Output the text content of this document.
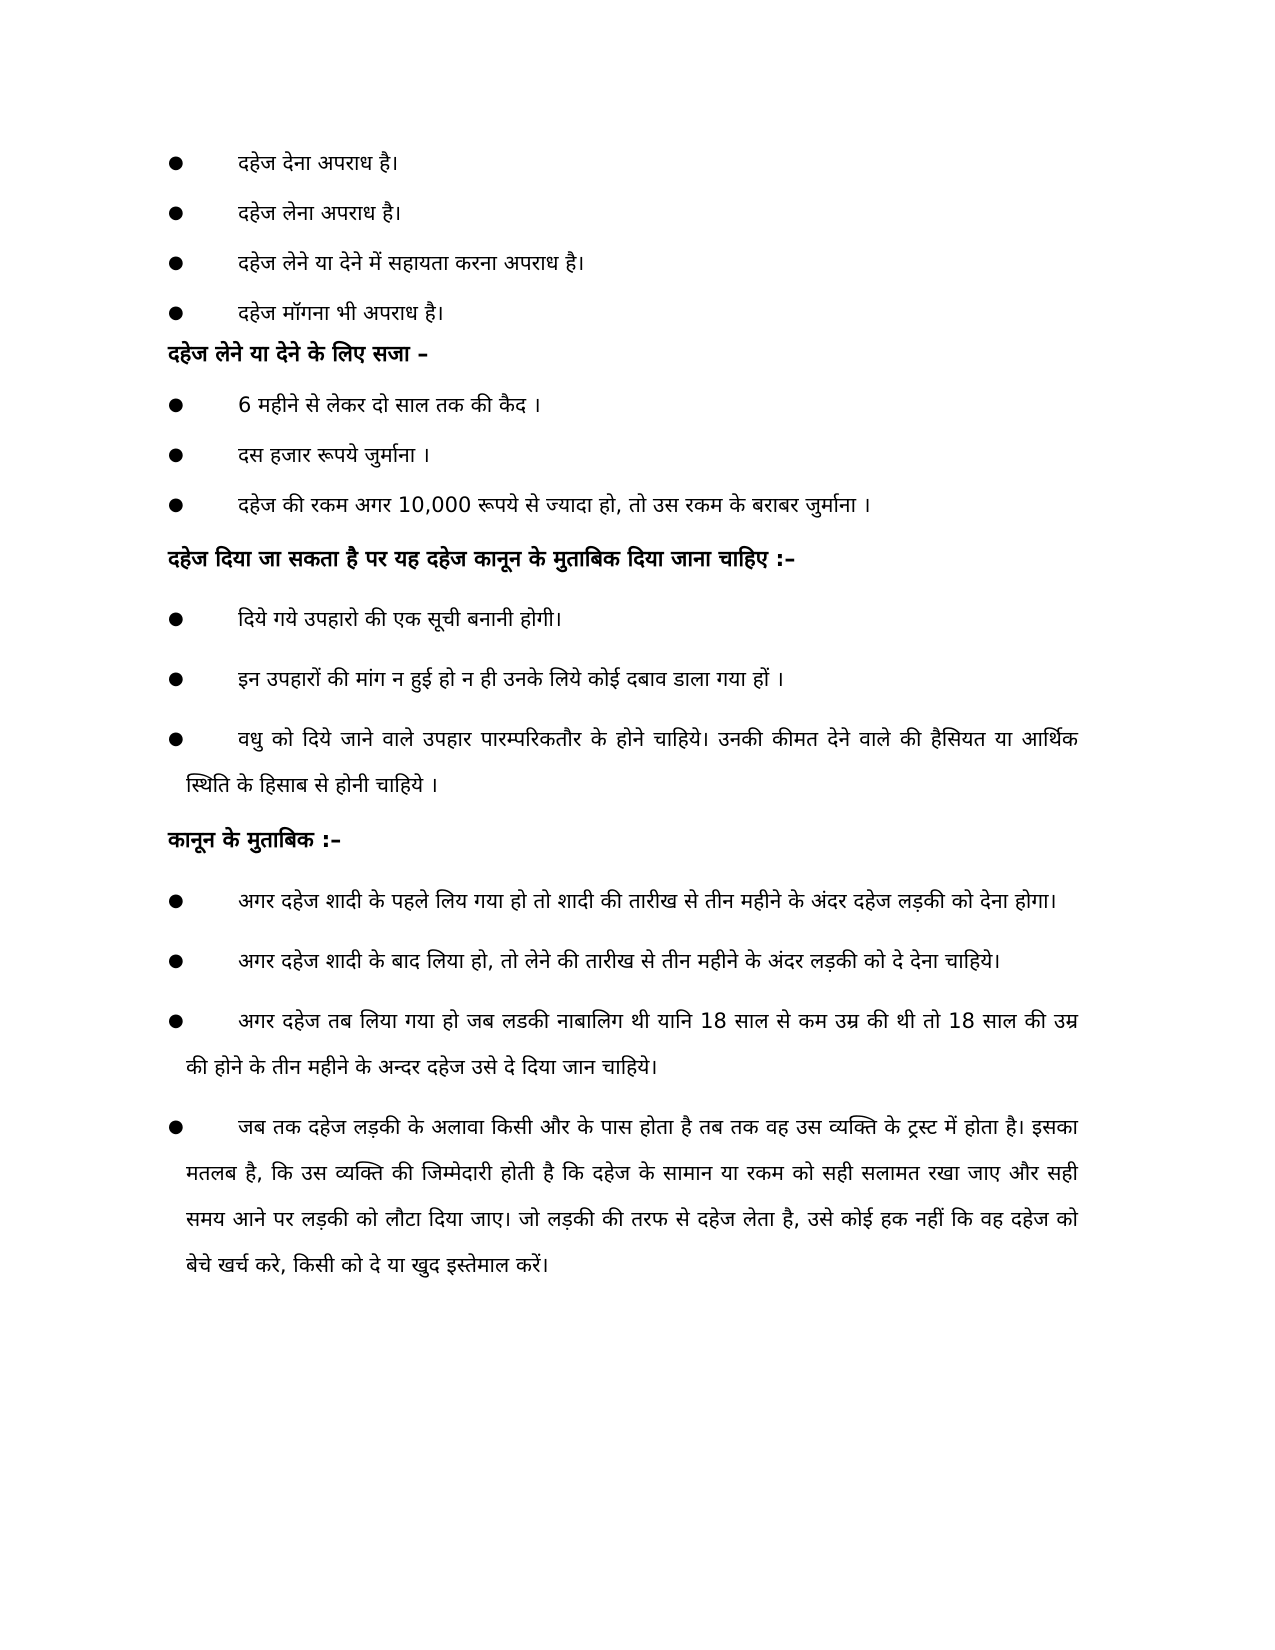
●	दहेज देना अपराध है।
●	दहेज लेना अपराध है।
●	दहेज लेने या देने में सहायता करना अपराध है।
●	दहेज मॉगना भी अपराध है।
दहेज लेने या देने के लिए सजा –
●	6 महीने से लेकर दो साल तक की कैद ।
●	दस हजार रूपये जुर्माना ।
●	दहेज की रकम अगर 10,000 रूपये से ज्यादा हो, तो उस रकम के बराबर जुर्माना ।
दहेज दिया जा सकता है पर यह दहेज कानून के मुताबिक दिया जाना चाहिए :–
●	दिये गये उपहारो की एक सूची बनानी होगी।
●	इन उपहारों की मांग न हुई हो न ही उनके लिये कोई दबाव डाला गया हों ।
●	वधु को दिये जाने वाले उपहार पारम्परिकतौर के होने चाहिये। उनकी कीमत देने वाले की हैसियत या आर्थिक स्थिति के हिसाब से होनी चाहिये ।
कानून के मुताबिक :–
●	अगर दहेज शादी के पहले लिय गया हो तो शादी की तारीख से तीन महीने के अंदर दहेज लड़की को देना होगा।
●	अगर दहेज शादी के बाद लिया हो, तो लेने की तारीख से तीन महीने के अंदर लड़की को दे देना चाहिये।
●	अगर दहेज तब लिया गया हो जब लडकी नाबालिग थी यानि 18 साल से कम उम्र की थी तो 18 साल की उम्र की होने के तीन महीने के अन्दर दहेज उसे दे दिया जान चाहिये।
●	जब तक दहेज लड़की के अलावा किसी और के पास होता है तब तक वह उस व्यक्ति के ट्रस्ट में होता है। इसका मतलब है, कि उस व्यक्ति की जिम्मेदारी होती है कि दहेज के सामान या रकम को सही सलामत रखा जाए और सही समय आने पर लड़की को लौटा दिया जाए। जो लड़की की तरफ से दहेज लेता है, उसे कोई हक नहीं कि वह दहेज को बेचे खर्च करे, किसी को दे या खुद इस्तेमाल करें।
